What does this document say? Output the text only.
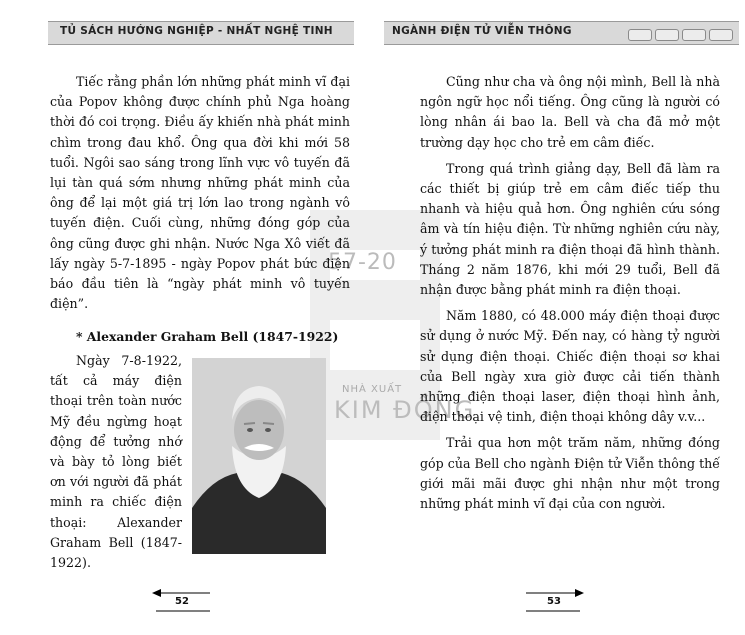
57-20
NHÀ XUẤT
KIM ĐỒNG
TỦ SÁCH HƯỚNG NGHIỆP - NHẤT NGHỆ TINH

Tiếc rằng phần lớn những phát minh vĩ đại của Popov không được chính phủ Nga hoàng thời đó coi trọng. Điều ấy khiến nhà phát minh chìm trong đau khổ. Ông qua đời khi mới 58 tuổi. Ngôi sao sáng trong lĩnh vực vô tuyến đã lụi tàn quá sớm nhưng những phát minh của ông để lại một giá trị lớn lao trong ngành vô tuyến điện. Cuối cùng, những đóng góp của ông cũng được ghi nhận. Nước Nga Xô viết đã lấy ngày 5-7-1895 - ngày Popov phát bức điện báo đầu tiên là “ngày phát minh vô tuyến điện”.

* Alexander Graham Bell (1847-1922)

Ngày 7-8-1922, tất cả máy điện thoại trên toàn nước Mỹ đều ngừng hoạt động để tưởng nhớ và bày tỏ lòng biết ơn với người đã phát minh ra chiếc điện thoại: Alexander Graham Bell (1847-1922).

52
NGÀNH ĐIỆN TỬ VIỄN THÔNG

Cũng như cha và ông nội mình, Bell là nhà ngôn ngữ học nổi tiếng. Ông cũng là người có lòng nhân ái bao la. Bell và cha đã mở một trường dạy học cho trẻ em câm điếc.

Trong quá trình giảng dạy, Bell đã làm ra các thiết bị giúp trẻ em câm điếc tiếp thu nhanh và hiệu quả hơn. Ông nghiên cứu sóng âm và tín hiệu điện. Từ những nghiên cứu này, ý tưởng phát minh ra điện thoại đã hình thành. Tháng 2 năm 1876, khi mới 29 tuổi, Bell đã nhận được bằng phát minh ra điện thoại.

Năm 1880, có 48.000 máy điện thoại được sử dụng ở nước Mỹ. Đến nay, có hàng tỷ người sử dụng điện thoại. Chiếc điện thoại sơ khai của Bell ngày xưa giờ được cải tiến thành những điện thoại laser, điện thoại hình ảnh, điện thoại vệ tinh, điện thoại không dây v.v...

Trải qua hơn một trăm năm, những đóng góp của Bell cho ngành Điện tử Viễn thông thế giới mãi mãi được ghi nhận như một trong những phát minh vĩ đại của con người.

53
